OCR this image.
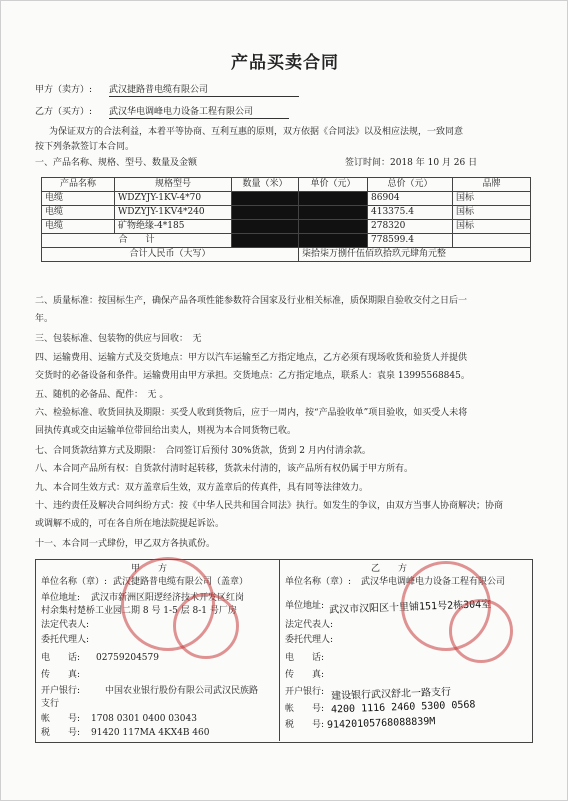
产品买卖合同
甲方（卖方）: 武汉捷路普电缆有限公司
乙方（买方）: 武汉华电调峰电力设备工程有限公司
为保证双方的合法利益，本着平等协商、互利互惠的原则，双方依据《合同法》以及相应法规，一致同意
按下列条款签订本合同。
一、产品名称、规格、型号、数量及金额	签订时间：2018 年 10 月 26 日
产品名称	规格型号	数量（米）	单价（元）	总价（元）	品牌
电缆	WDZYJY-1KV-4*70			86904	国标
电缆	WDZYJY-1KV4*240			413375.4	国标
电缆	矿物绝缘-4*185			278320	国标
合　　计				778599.4	
合计人民币（大写）			柒拾柒万捌仟伍佰玖拾玖元肆角元整		
二、质量标准：按国标生产，确保产品各项性能参数符合国家及行业相关标准，质保期限自验收交付之日后一
年。
三、包装标准、包装物的供应与回收：　无
四、运输费用、运输方式及交货地点：甲方以汽车运输至乙方指定地点，乙方必须有现场收货和验货人并提供
交货时的必备设备和条件。运输费用由甲方承担。交货地点：乙方指定地点，联系人：袁泉 13995568845。
五、随机的必备品、配件：　无 。
六、检验标准、收货回执及期限：买受人收到货物后，应于一周内，按“产品验收单”项目验收，如买受人未将
回执传真或交由运输单位带回给出卖人，则视为本合同货物已收。
七、合同货款结算方式及期限：　合同签订后预付 30%货款，货到 2 月内付清余款。
八、本合同产品所有权：自货款付清时起转移，货款未付清的，该产品所有权仍属于甲方所有。
九、本合同生效方式：双方盖章后生效，双方盖章后的传真件，具有同等法律效力。
十、违约责任及解决合同纠纷方式：按《中华人民共和国合同法》执行。如发生的争议，由双方当事人协商解决；协商
或调解不成的，可在各自所在地法院提起诉讼。
十一、本合同一式肆份，甲乙双方各执贰份。
甲　　方
单位名称（章）: 武汉捷路普电缆有限公司（盖章）
单位地址: 武汉市新洲区阳逻经济技术开发区红岗
村余集村楚桥工业园二期 8 号 1-5 层 8-1 号厂房
法定代表人:
委托代理人:
电　　话: 02759204579
传　　真:
开户银行:	中国农业银行股份有限公司武汉民族路
支行
帐　　号: 1708 0301 0400 03043
税　　号: 91420 117MA 4KX4B 460
乙　　方
单位名称（章）: 武汉华电调峰电力设备工程有限公司
单位地址: 武汉市汉阳区十里铺151号2栋304室
法定代表人:
委托代理人:
电　　话:
传　　真:
开户银行: 建设银行武汉舒北一路支行
帐　　号: 4200 1116 2460 5300 0568
税　　号: 91420105768088839M
